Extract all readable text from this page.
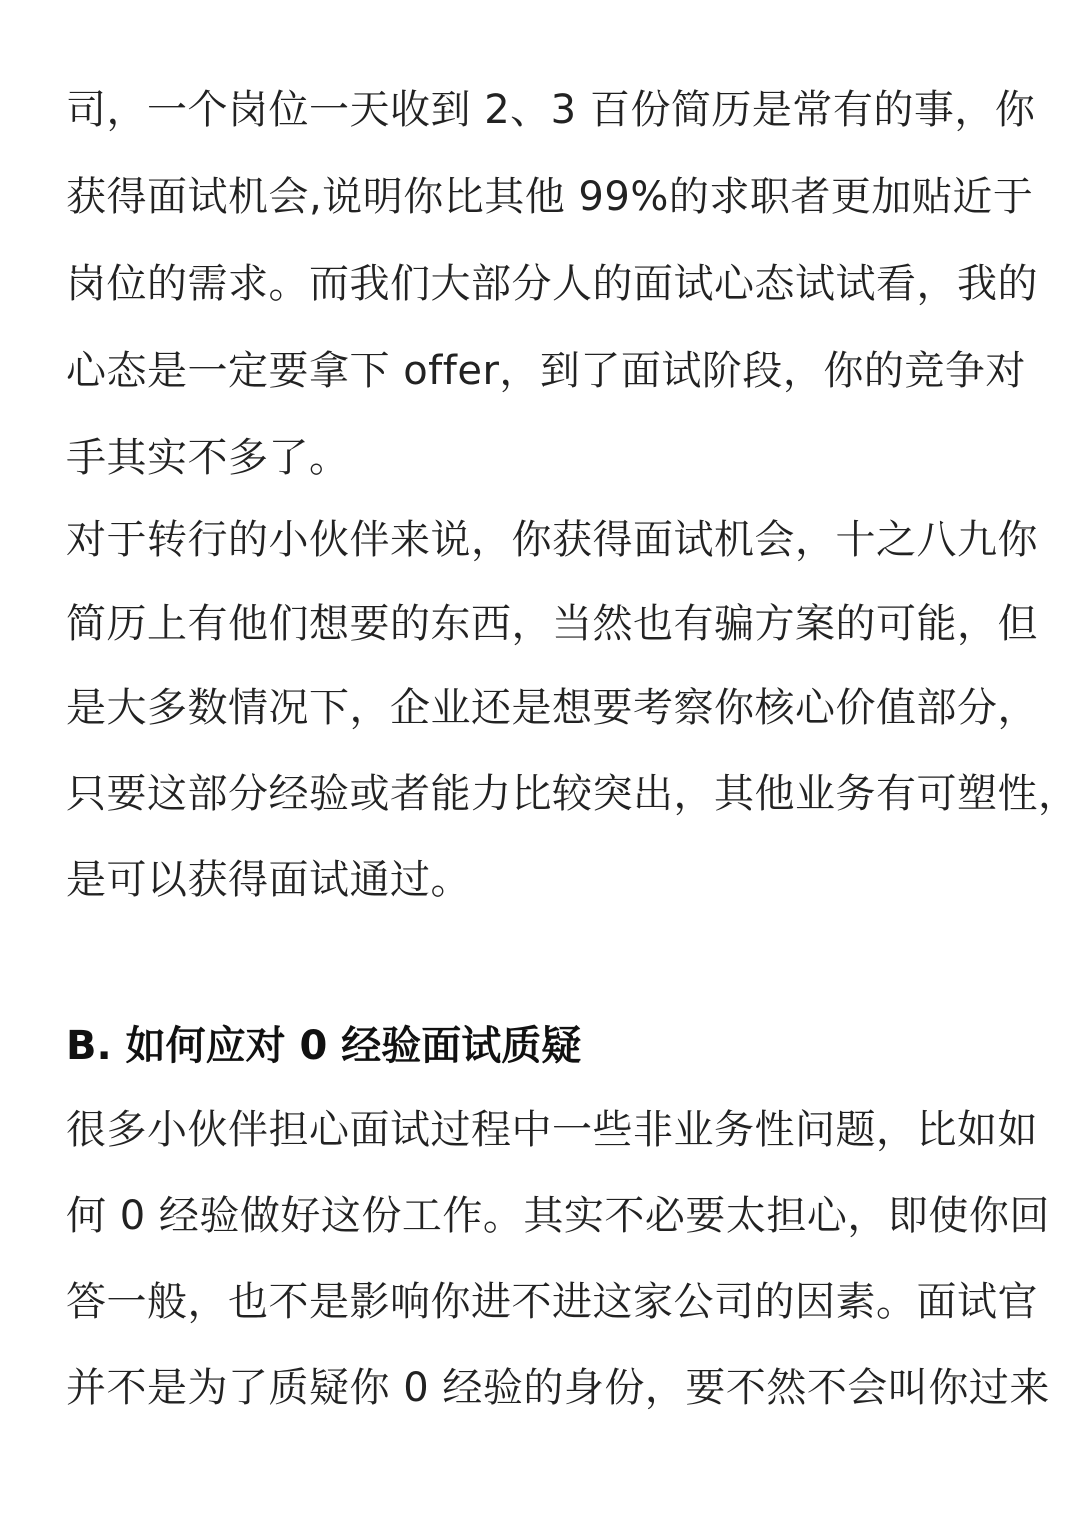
司，一个岗位一天收到 2、3 百份简历是常有的事，你
获得面试机会,说明你比其他 99%的求职者更加贴近于
岗位的需求。而我们大部分人的面试心态试试看，我的
心态是一定要拿下 offer，到了面试阶段，你的竞争对
手其实不多了。
对于转行的小伙伴来说，你获得面试机会，十之八九你
简历上有他们想要的东西，当然也有骗方案的可能，但
是大多数情况下，企业还是想要考察你核心价值部分，
只要这部分经验或者能力比较突出，其他业务有可塑性，
是可以获得面试通过。
B. 如何应对 0 经验面试质疑
很多小伙伴担心面试过程中一些非业务性问题，比如如
何 0 经验做好这份工作。其实不必要太担心，即使你回
答一般，也不是影响你进不进这家公司的因素。面试官
并不是为了质疑你 0 经验的身份，要不然不会叫你过来
